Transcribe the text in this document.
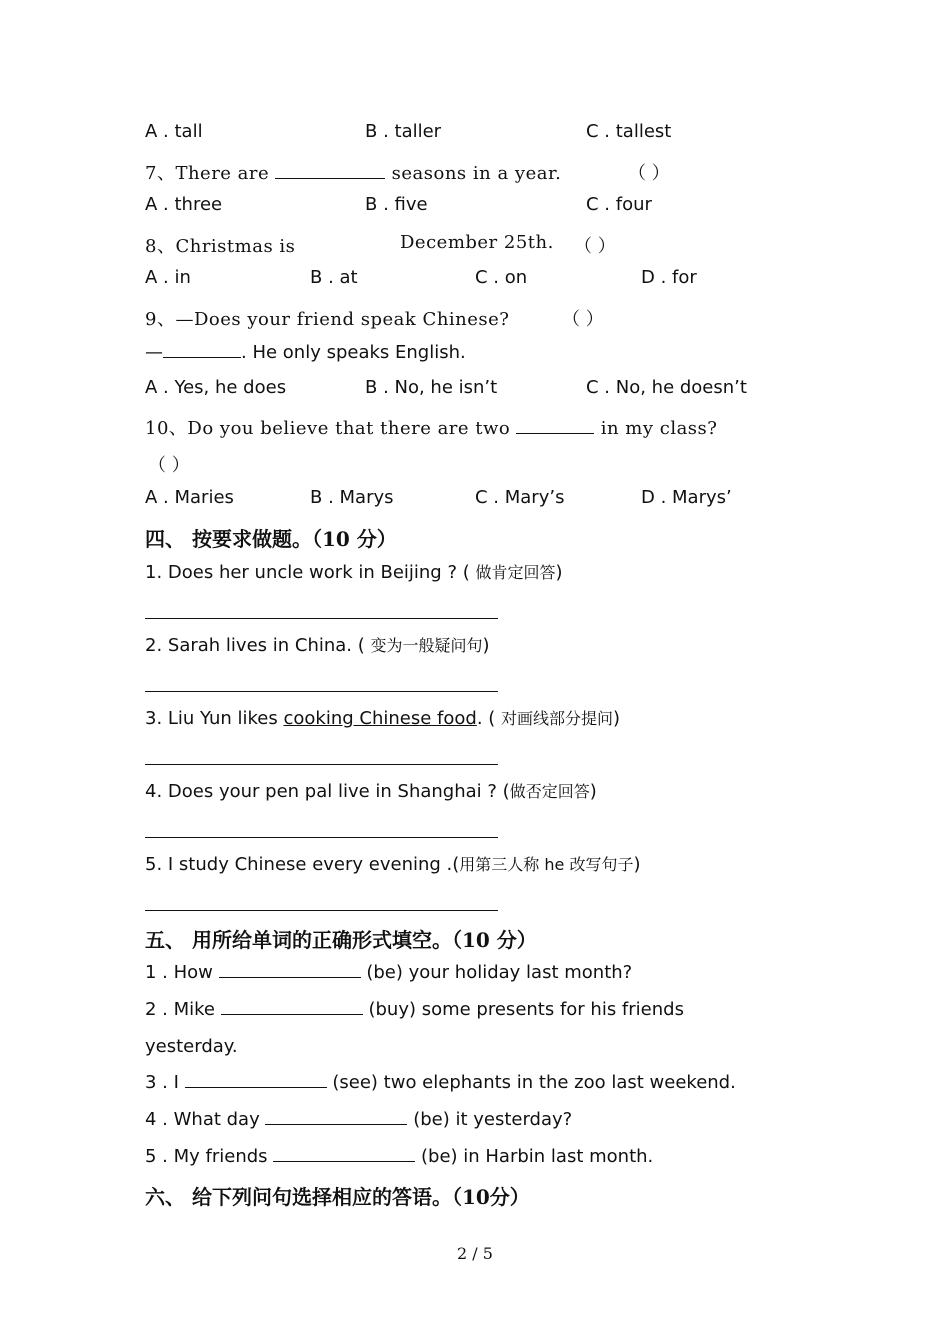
A . tall	B . taller	C . tallest
7、There are	seasons in a year.	（ ）
A . three	B . five	C . four
8、Christmas is	December 25th. （ ）
A . in	B . at	C . on	D . for
9、—Does your friend speak Chinese?	（ ）
—	. He only speaks English.
A . Yes, he does	B . No, he isn’t	C . No, he doesn’t
10、Do you believe that there are two	in my class?
（ ）
A . Maries	B . Marys	C . Mary’s	D . Marys’
四、 按要求做题。（10 分）
1. Does her uncle work in Beijing ? ( 做肯定回答)
2. Sarah lives in China. ( 变为一般疑问句)
3. Liu Yun likes cooking Chinese food. ( 对画线部分提问)
4. Does your pen pal live in Shanghai ? (做否定回答)
5. I study Chinese every evening .(用第三人称 he 改写句子)
五、 用所给单词的正确形式填空。（10 分）
1 . How	(be) your holiday last month?
2 . Mike	(buy) some presents for his friends
yesterday.
3 . I	(see) two elephants in the zoo last weekend.
4 . What day	(be) it yesterday?
5 . My friends	(be) in Harbin last month.
六、 给下列问句选择相应的答语。（10分）
2 / 5
